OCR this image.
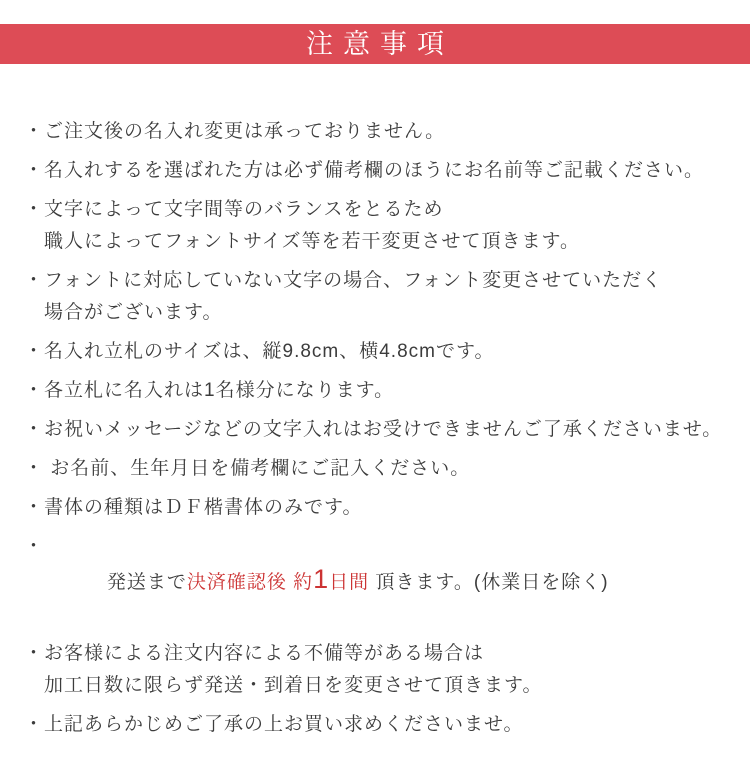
注意事項
・ ご注文後の名入れ変更は承っておりません。
・ 名入れするを選ばれた方は必ず備考欄のほうにお名前等ご記載ください。
・ 文字によって文字間等のバランスをとるため
職人によってフォントサイズ等を若干変更させて頂きます。
・ フォントに対応していない文字の場合、フォント変更させていただく
場合がございます。
・ 名入れ立札のサイズは、縦9.8cm、横4.8cmです。
・ 各立札に名入れは1名様分になります。
・ お祝いメッセージなどの文字入れはお受けできませんご了承くださいませ。
・ お名前、生年月日を備考欄にご記入ください。
・ 書体の種類はＤＦ楷書体のみです。
・

発送まで決済確認後 約1日間 頂きます。(休業日を除く)

・ お客様による注文内容による不備等がある場合は
加工日数に限らず発送・到着日を変更させて頂きます。
・ 上記あらかじめご了承の上お買い求めくださいませ。
